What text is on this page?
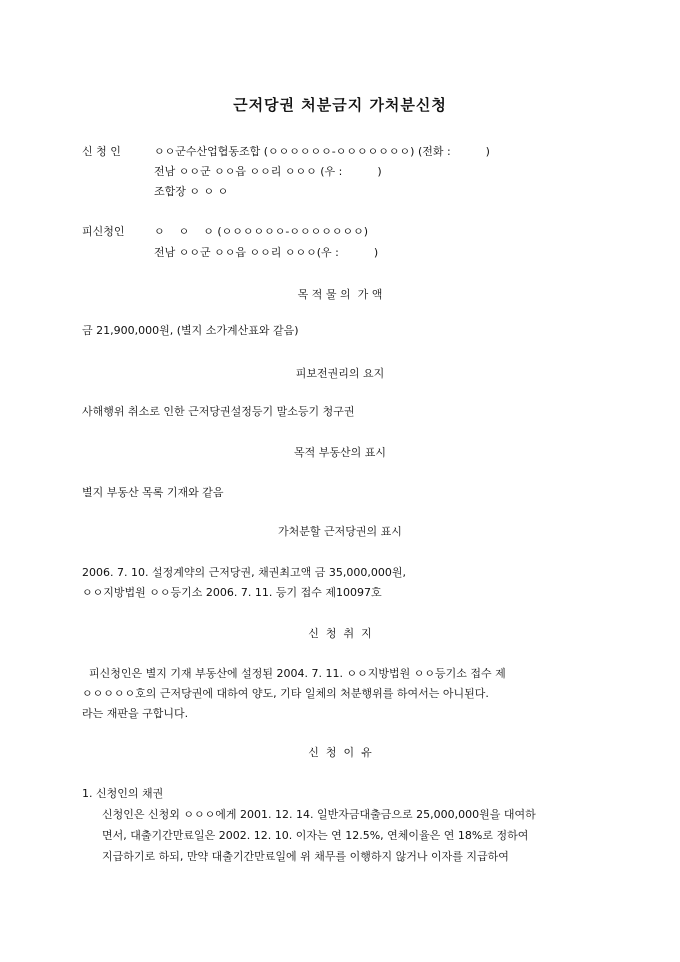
근저당권 처분금지 가처분신청
신 청 인	ㅇㅇ군수산업협동조합 (ㅇㅇㅇㅇㅇㅇ-ㅇㅇㅇㅇㅇㅇㅇ) (전화 :          )
전남 ㅇㅇ군 ㅇㅇ읍 ㅇㅇ리 ㅇㅇㅇ (우 :          )
조합장 ㅇ ㅇ ㅇ
피신청인	ㅇ    ㅇ    ㅇ (ㅇㅇㅇㅇㅇㅇ-ㅇㅇㅇㅇㅇㅇㅇ)
전남 ㅇㅇ군 ㅇㅇ읍 ㅇㅇ리 ㅇㅇㅇ(우 :          )
목 적 물 의  가 액
금 21,900,000원, (별지 소가계산표와 같음)
피보전권리의 요지
사해행위 취소로 인한 근저당권설정등기 말소등기 청구권
목적 부동산의 표시
별지 부동산 목록 기재와 같음
가처분할 근저당권의 표시
2006. 7. 10. 설정계약의 근저당권, 채권최고액 금 35,000,000원,
ㅇㅇ지방법원 ㅇㅇ등기소 2006. 7. 11. 등기 접수 제10097호
신  청  취  지
피신청인은 별지 기재 부동산에 설정된 2004. 7. 11. ㅇㅇ지방법원 ㅇㅇ등기소 접수 제
ㅇㅇㅇㅇㅇ호의 근저당권에 대하여 양도, 기타 일체의 처분행위를 하여서는 아니된다.
라는 재판을 구합니다.
신  청  이  유
1. 신청인의 채권
신청인은 신청외 ㅇㅇㅇ에게 2001. 12. 14. 일반자금대출금으로 25,000,000원을 대여하
면서, 대출기간만료일은 2002. 12. 10. 이자는 연 12.5%, 연체이율은 연 18%로 정하여
지급하기로 하되, 만약 대출기간만료일에 위 채무를 이행하지 않거나 이자를 지급하여
